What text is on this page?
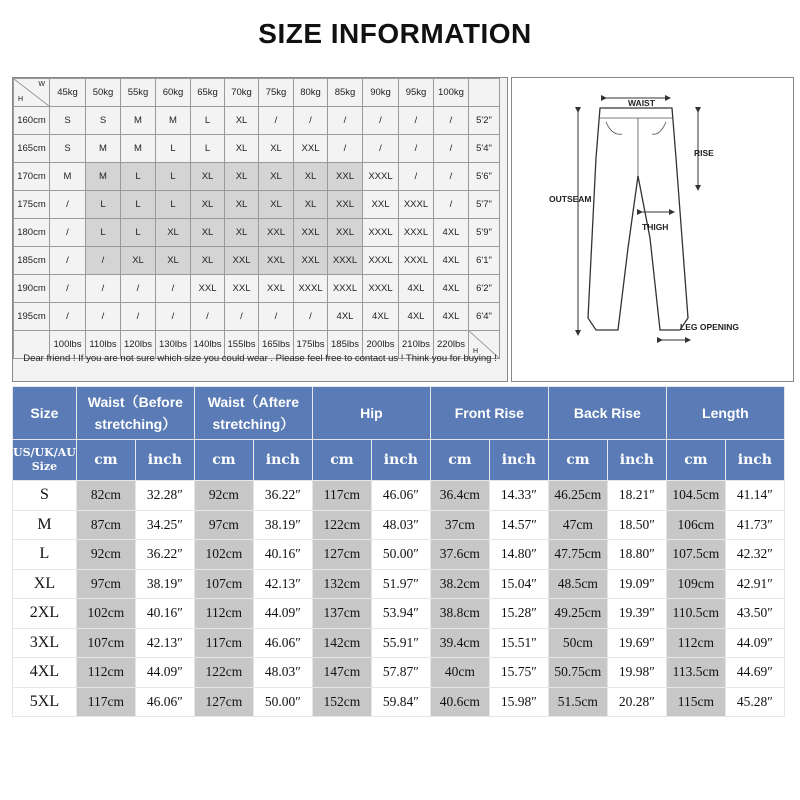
SIZE INFORMATION
H
W	45kg	50kg	55kg	60kg	65kg	70kg	75kg	80kg	85kg	90kg	95kg	100kg	
160cm	S	S	M	M	L	XL	/	/	/	/	/	/	5'2"
165cm	S	M	M	L	L	XL	XL	XXL	/	/	/	/	5'4"
170cm	M	M	L	L	XL	XL	XL	XL	XXL	XXXL	/	/	5'6"
175cm	/	L	L	L	XL	XL	XL	XL	XXL	XXL	XXXL	/	5'7"
180cm	/	L	L	XL	XL	XL	XXL	XXL	XXL	XXXL	XXXL	4XL	5'9"
185cm	/	/	XL	XL	XL	XXL	XXL	XXL	XXXL	XXXL	XXXL	4XL	6'1"
190cm	/	/	/	/	XXL	XXL	XXL	XXXL	XXXL	XXXL	4XL	4XL	6'2"
195cm	/	/	/	/	/	/	/	/	4XL	4XL	4XL	4XL	6'4"
	100lbs	110lbs	120lbs	130lbs	140lbs	155lbs	165lbs	175lbs	185lbs	200lbs	210lbs	220lbs	H
Dear friend ! If you are not sure which size you could wear . Please feel free to contact us ! Think you for buying !
WAIST
RISE
OUTSEAM
THIGH
LEG OPENING
Size	Waist（Before stretching）		Waist（Aftere stretching）		Hip		Front Rise		Back Rise		Length	
US/UK/AU Size	cm	inch	cm	inch	cm	inch	cm	inch	cm	inch	cm	inch
S	82cm	32.28″	92cm	36.22″	117cm	46.06″	36.4cm	14.33″	46.25cm	18.21″	104.5cm	41.14″
M	87cm	34.25″	97cm	38.19″	122cm	48.03″	37cm	14.57″	47cm	18.50″	106cm	41.73″
L	92cm	36.22″	102cm	40.16″	127cm	50.00″	37.6cm	14.80″	47.75cm	18.80″	107.5cm	42.32″
XL	97cm	38.19″	107cm	42.13″	132cm	51.97″	38.2cm	15.04″	48.5cm	19.09″	109cm	42.91″
2XL	102cm	40.16″	112cm	44.09″	137cm	53.94″	38.8cm	15.28″	49.25cm	19.39″	110.5cm	43.50″
3XL	107cm	42.13″	117cm	46.06″	142cm	55.91″	39.4cm	15.51″	50cm	19.69″	112cm	44.09″
4XL	112cm	44.09″	122cm	48.03″	147cm	57.87″	40cm	15.75″	50.75cm	19.98″	113.5cm	44.69″
5XL	117cm	46.06″	127cm	50.00″	152cm	59.84″	40.6cm	15.98″	51.5cm	20.28″	115cm	45.28″
